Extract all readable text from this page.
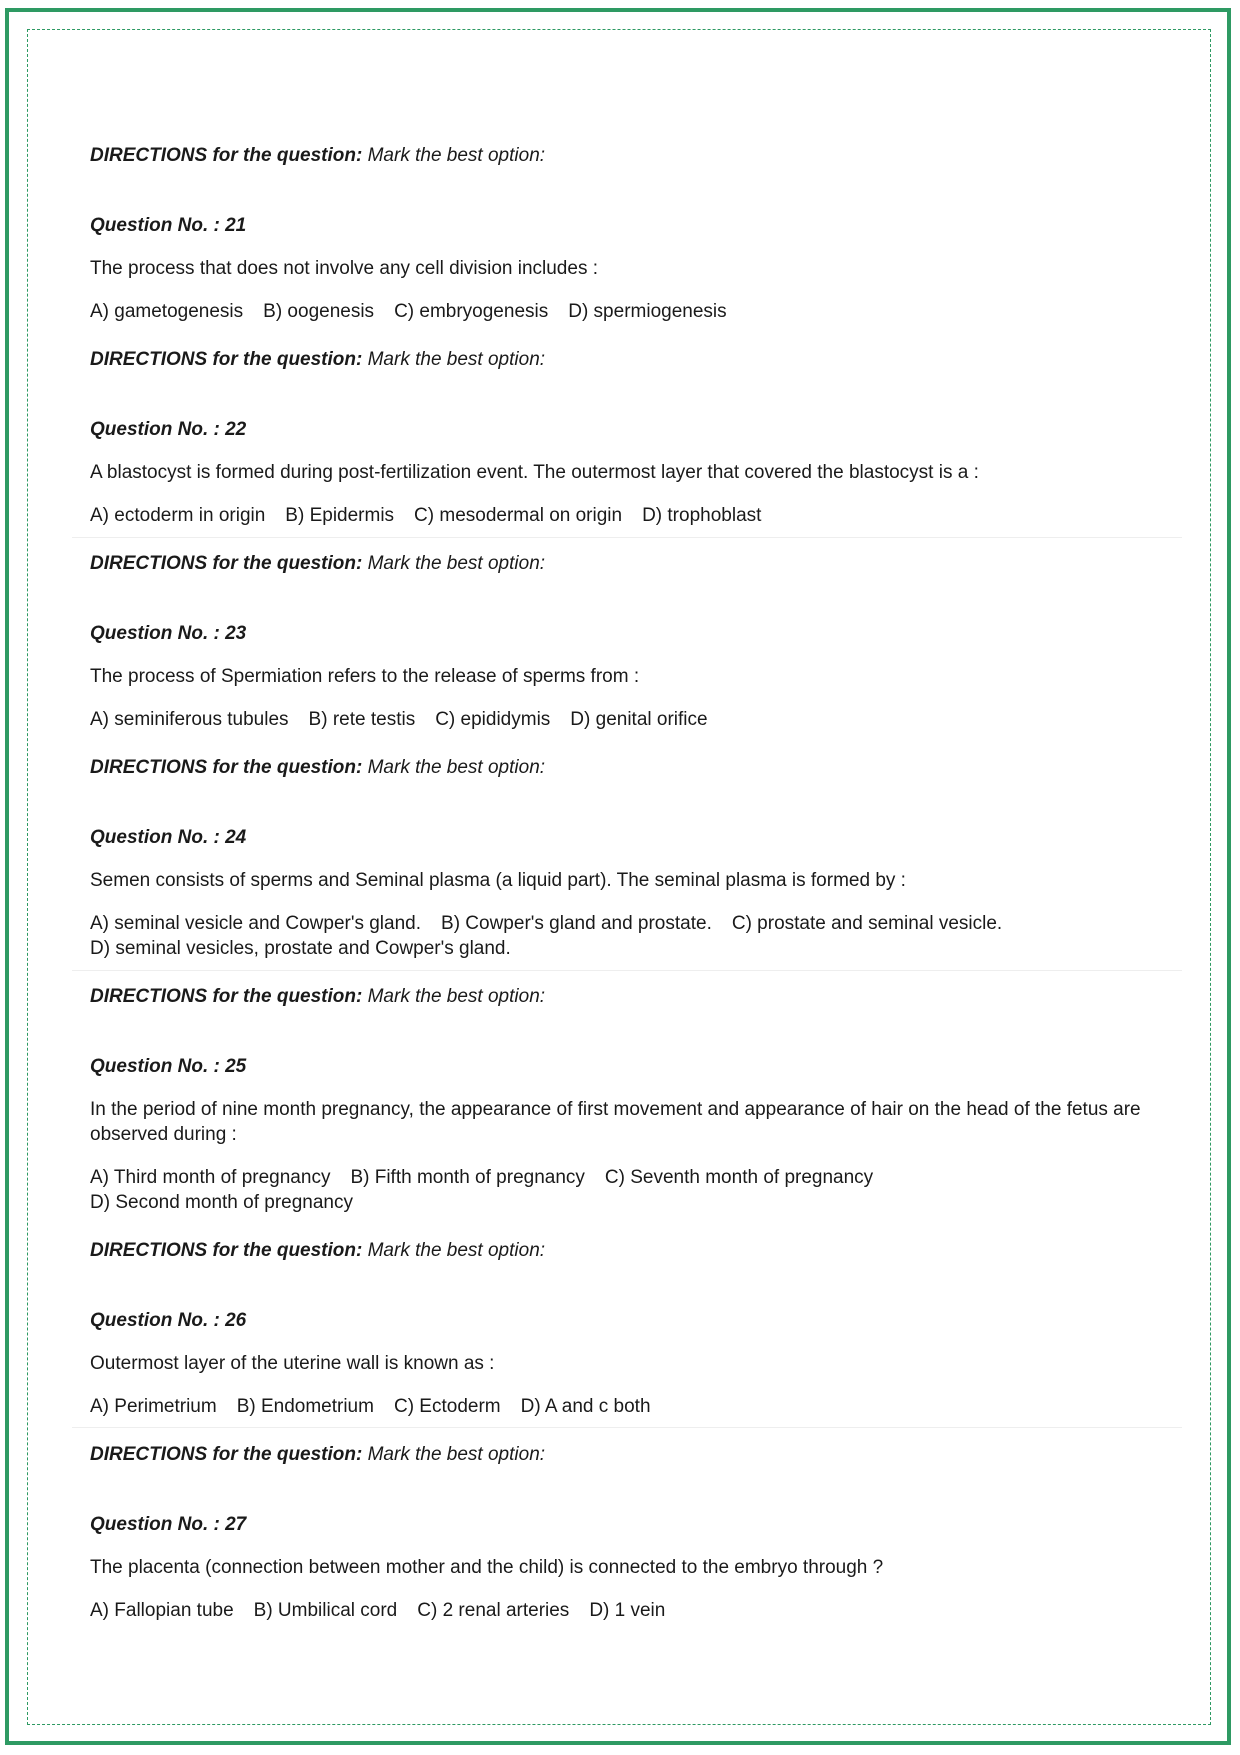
DIRECTIONS for the question: Mark the best option:
Question No. : 21
The process that does not involve any cell division includes :
A) gametogenesis B) oogenesis C) embryogenesis D) spermiogenesis
DIRECTIONS for the question: Mark the best option:
Question No. : 22
A blastocyst is formed during post-fertilization event. The outermost layer that covered the blastocyst is a :
A) ectoderm in origin B) Epidermis C) mesodermal on origin D) trophoblast
DIRECTIONS for the question: Mark the best option:
Question No. : 23
The process of Spermiation refers to the release of sperms from :
A) seminiferous tubules B) rete testis C) epididymis D) genital orifice
DIRECTIONS for the question: Mark the best option:
Question No. : 24
Semen consists of sperms and Seminal plasma (a liquid part). The seminal plasma is formed by :
A) seminal vesicle and Cowper's gland. B) Cowper's gland and prostate. C) prostate and seminal vesicle.
D) seminal vesicles, prostate and Cowper's gland.
DIRECTIONS for the question: Mark the best option:
Question No. : 25
In the period of nine month pregnancy, the appearance of first movement and appearance of hair on the head of the fetus are observed during :
A) Third month of pregnancy B) Fifth month of pregnancy C) Seventh month of pregnancy
D) Second month of pregnancy
DIRECTIONS for the question: Mark the best option:
Question No. : 26
Outermost layer of the uterine wall is known as :
A) Perimetrium B) Endometrium C) Ectoderm D) A and c both
DIRECTIONS for the question: Mark the best option:
Question No. : 27
The placenta (connection between mother and the child) is connected to the embryo through ?
A) Fallopian tube B) Umbilical cord C) 2 renal arteries D) 1 vein
